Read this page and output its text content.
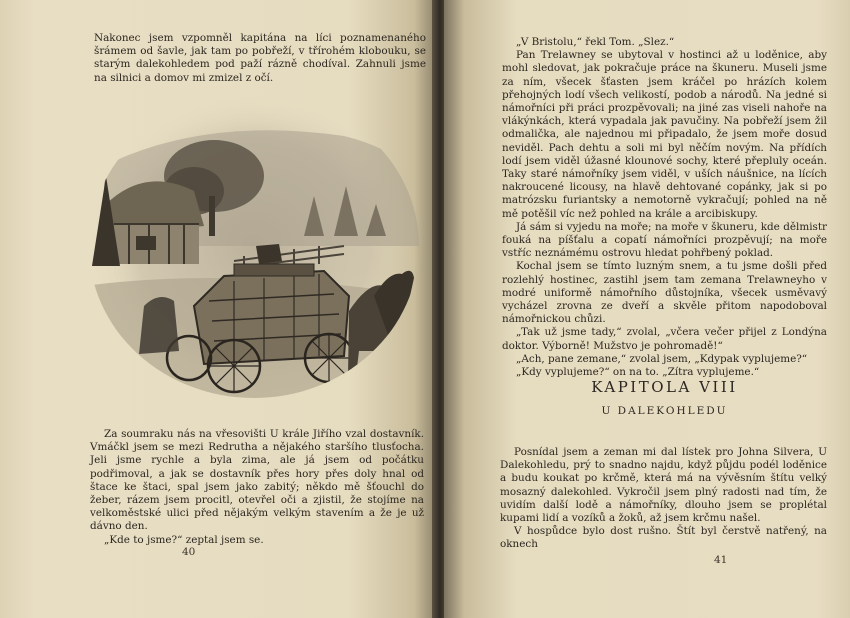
Nakonec jsem vzpomněl kapitána na líci poznamenaného šrámem od šavle, jak tam po pobřeží, v třírohém klobouku, se starým dalekohledem pod paží rázně chodíval. Zahnuli jsme na silnici a domov mi zmizel z očí.

Za soumraku nás na vřesovišti U krále Jiřího vzal dostavník. Vmáčkl jsem se mezi Redrutha a nějakého staršího tlusťocha. Jeli jsme rychle a byla zima, ale já jsem od počátku podřimoval, a jak se dostavník přes hory přes doly hnal od štace ke štaci, spal jsem jako zabitý; někdo mě šťouchl do žeber, rázem jsem procitl, otevřel oči a zjistil, že stojíme na velkoměstské ulici před nějakým velkým stavením a že je už dávno den.

„Kde to jsme?“ zeptal jsem se.

40

„V Bristolu,“ řekl Tom. „Slez.“

Pan Trelawney se ubytoval v hostinci až u loděnice, aby mohl sledovat, jak pokračuje práce na škuneru. Museli jsme za ním, všecek šťasten jsem kráčel po hrázích kolem přehojných lodí všech velikostí, podob a národů. Na jedné si námořníci při práci prozpěvovali; na jiné zas viseli nahoře na vlákýnkách, která vypadala jak pavučiny. Na pobřeží jsem žil odmalička, ale najednou mi připadalo, že jsem moře dosud neviděl. Pach dehtu a soli mi byl něčím novým. Na přídích lodí jsem viděl úžasné klounové sochy, které přepluly oceán. Taky staré námořníky jsem viděl, v uších náušnice, na lících nakroucené licousy, na hlavě dehtované copánky, jak si po matrózsku furiantsky a nemotorně vykračují; pohled na ně mě potěšil víc než pohled na krále a arcibiskupy.

Já sám si vyjedu na moře; na moře v škuneru, kde dělmistr fouká na píšťalu a copatí námořníci prozpěvují; na moře vstříc neznámému ostrovu hledat pohřbený poklad.

Kochal jsem se tímto luzným snem, a tu jsme došli před rozlehlý hostinec, zastihl jsem tam zemana Trelawneyho v modré uniformě námořního důstojníka, všecek usměvavý vycházel zrovna ze dveří a skvěle přitom napodoboval námořnickou chůzi.

„Tak už jsme tady,“ zvolal, „včera večer přijel z Londýna doktor. Výborně! Mužstvo je pohromadě!“

„Ach, pane zemane,“ zvolal jsem, „Kdypak vyplujeme?“

„Kdy vyplujeme?“ on na to. „Zítra vyplujeme.“

KAPITOLA VIII
U DALEKOHLEDU

Posnídal jsem a zeman mi dal lístek pro Johna Silvera, U Dalekohledu, prý to snadno najdu, když půjdu podél loděnice a budu koukat po krčmě, která má na vývěsním štítu velký mosazný dalekohled. Vykročil jsem plný radosti nad tím, že uvidím další lodě a námořníky, dlouho jsem se proplétal kupami lidí a vozíků a žoků, až jsem krčmu našel.

V hospůdce bylo dost rušno. Štít byl čerstvě natřený, na oknech

41
